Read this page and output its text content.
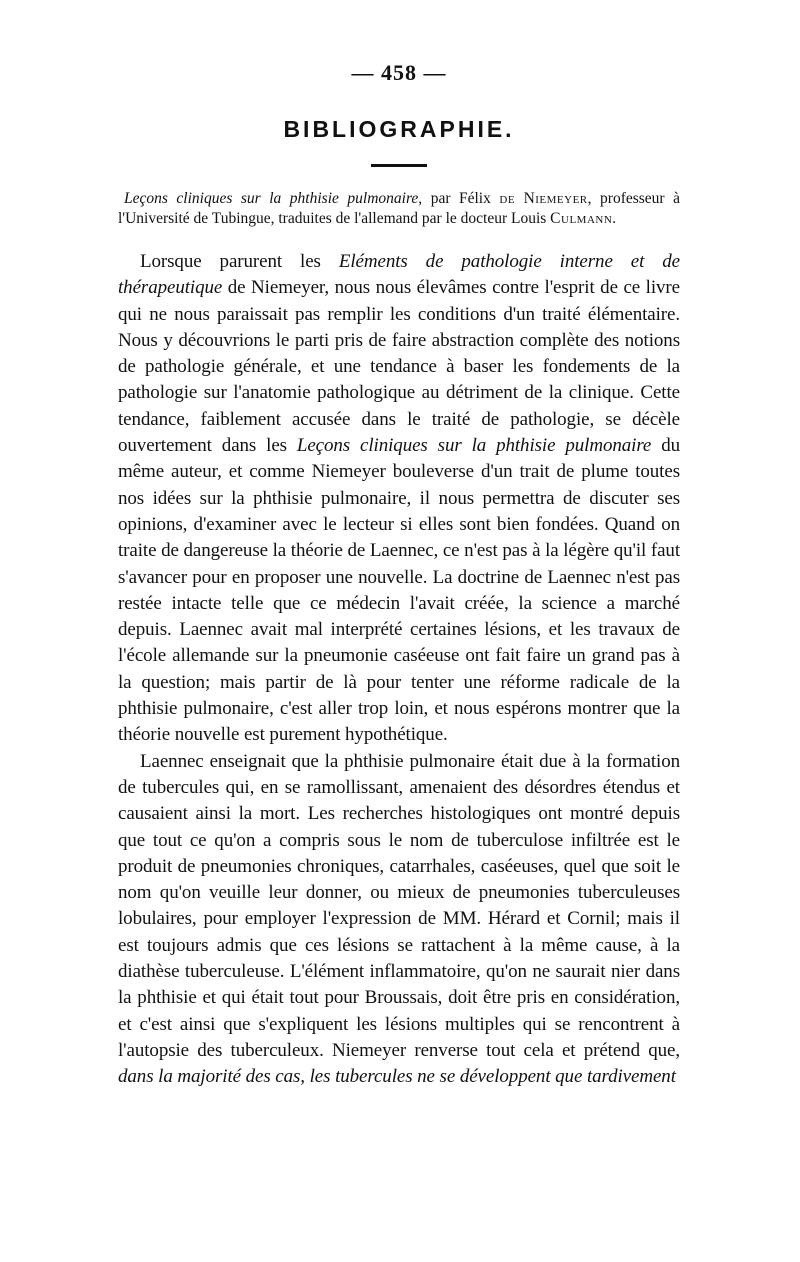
— 458 —
BIBLIOGRAPHIE.
Leçons cliniques sur la phthisie pulmonaire, par Félix de Niemeyer, professeur à l'Université de Tubingue, traduites de l'allemand par le docteur Louis Culmann.

Lorsque parurent les Eléments de pathologie interne et de thérapeutique de Niemeyer, nous nous élevâmes contre l'esprit de ce livre qui ne nous paraissait pas remplir les conditions d'un traité élémentaire. Nous y découvrions le parti pris de faire abstraction complète des notions de pathologie générale, et une tendance à baser les fondements de la pathologie sur l'anatomie pathologique au détriment de la clinique. Cette tendance, faiblement accusée dans le traité de pathologie, se décèle ouvertement dans les Leçons cliniques sur la phthisie pulmonaire du même auteur, et comme Niemeyer bouleverse d'un trait de plume toutes nos idées sur la phthisie pulmonaire, il nous permettra de discuter ses opinions, d'examiner avec le lecteur si elles sont bien fondées. Quand on traite de dangereuse la théorie de Laennec, ce n'est pas à la légère qu'il faut s'avancer pour en proposer une nouvelle. La doctrine de Laennec n'est pas restée intacte telle que ce médecin l'avait créée, la science a marché depuis. Laennec avait mal interprété certaines lésions, et les travaux de l'école allemande sur la pneumonie caséeuse ont fait faire un grand pas à la question; mais partir de là pour tenter une réforme radicale de la phthisie pulmonaire, c'est aller trop loin, et nous espérons montrer que la théorie nouvelle est purement hypothétique.

Laennec enseignait que la phthisie pulmonaire était due à la formation de tubercules qui, en se ramollissant, amenaient des désordres étendus et causaient ainsi la mort. Les recherches histologiques ont montré depuis que tout ce qu'on a compris sous le nom de tuberculose infiltrée est le produit de pneumonies chroniques, catarrhales, caséeuses, quel que soit le nom qu'on veuille leur donner, ou mieux de pneumonies tuberculeuses lobulaires, pour employer l'expression de MM. Hérard et Cornil; mais il est toujours admis que ces lésions se rattachent à la même cause, à la diathèse tuberculeuse. L'élément inflammatoire, qu'on ne saurait nier dans la phthisie et qui était tout pour Broussais, doit être pris en considération, et c'est ainsi que s'expliquent les lésions multiples qui se rencontrent à l'autopsie des tuberculeux. Niemeyer renverse tout cela et prétend que, dans la majorité des cas, les tubercules ne se développent que tardivement
